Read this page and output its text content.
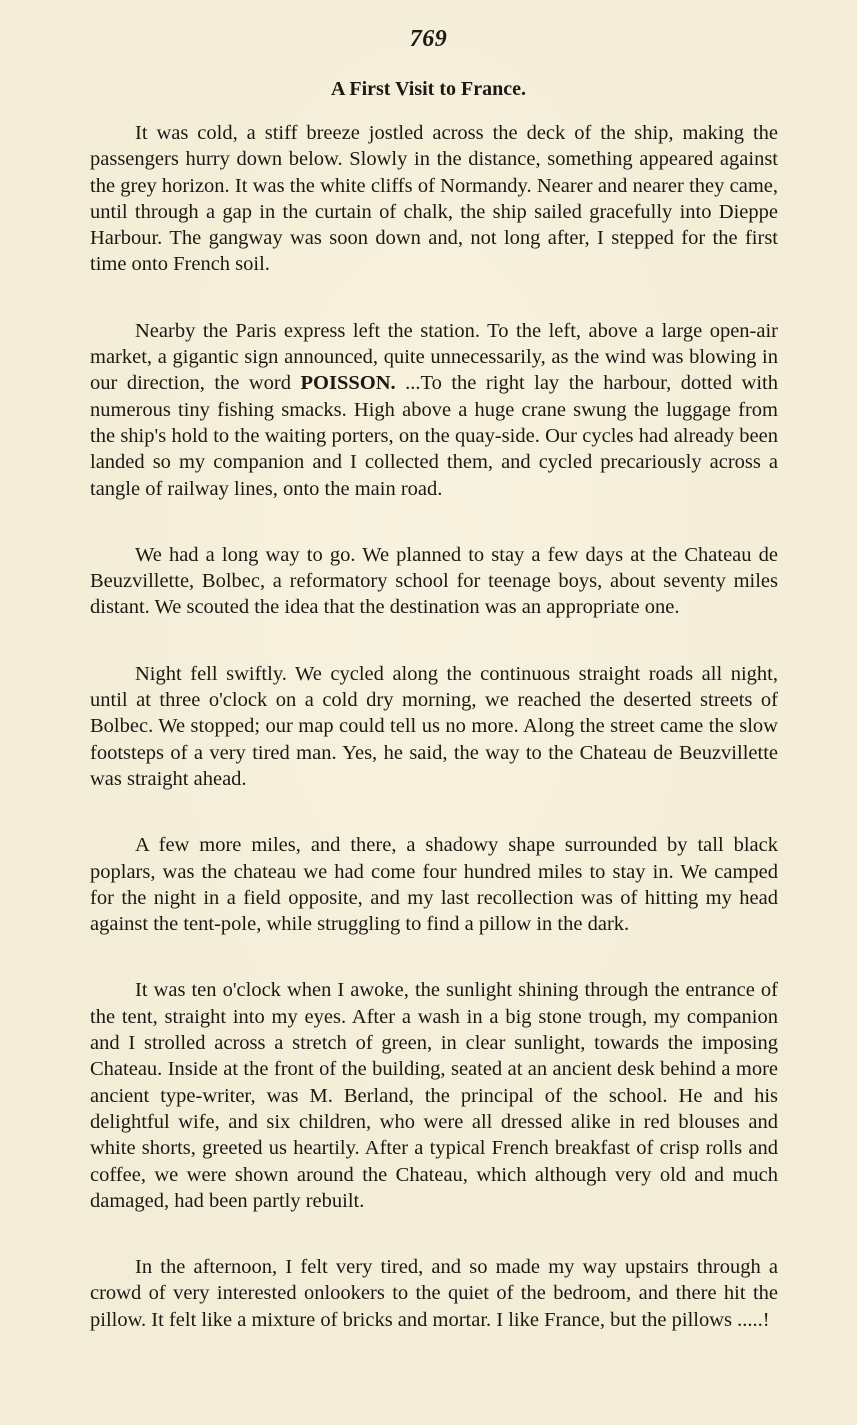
769
A First Visit to France.

It was cold, a stiff breeze jostled across the deck of the ship, making the passengers hurry down below. Slowly in the distance, something appeared against the grey horizon. It was the white cliffs of Normandy. Nearer and nearer they came, until through a gap in the curtain of chalk, the ship sailed gracefully into Dieppe Harbour. The gangway was soon down and, not long after, I stepped for the first time onto French soil.

Nearby the Paris express left the station. To the left, above a large open-air market, a gigantic sign announced, quite unnecessarily, as the wind was blowing in our direction, the word POISSON. ...To the right lay the harbour, dotted with numerous tiny fishing smacks. High above a huge crane swung the luggage from the ship's hold to the waiting porters, on the quay-side. Our cycles had already been landed so my companion and I collected them, and cycled precariously across a tangle of railway lines, onto the main road.

We had a long way to go. We planned to stay a few days at the Chateau de Beuzvillette, Bolbec, a reformatory school for teenage boys, about seventy miles distant. We scouted the idea that the destination was an appropriate one.

Night fell swiftly. We cycled along the continuous straight roads all night, until at three o'clock on a cold dry morning, we reached the deserted streets of Bolbec. We stopped; our map could tell us no more. Along the street came the slow footsteps of a very tired man. Yes, he said, the way to the Chateau de Beuzvillette was straight ahead.

A few more miles, and there, a shadowy shape surrounded by tall black poplars, was the chateau we had come four hundred miles to stay in. We camped for the night in a field opposite, and my last recollection was of hitting my head against the tent-pole, while struggling to find a pillow in the dark.

It was ten o'clock when I awoke, the sunlight shining through the entrance of the tent, straight into my eyes. After a wash in a big stone trough, my companion and I strolled across a stretch of green, in clear sunlight, towards the imposing Chateau. Inside at the front of the building, seated at an ancient desk behind a more ancient type-writer, was M. Berland, the principal of the school. He and his delightful wife, and six children, who were all dressed alike in red blouses and white shorts, greeted us heartily. After a typical French breakfast of crisp rolls and coffee, we were shown around the Chateau, which although very old and much damaged, had been partly rebuilt.

In the afternoon, I felt very tired, and so made my way upstairs through a crowd of very interested onlookers to the quiet of the bedroom, and there hit the pillow. It felt like a mixture of bricks and mortar. I like France, but the pillows .....!
